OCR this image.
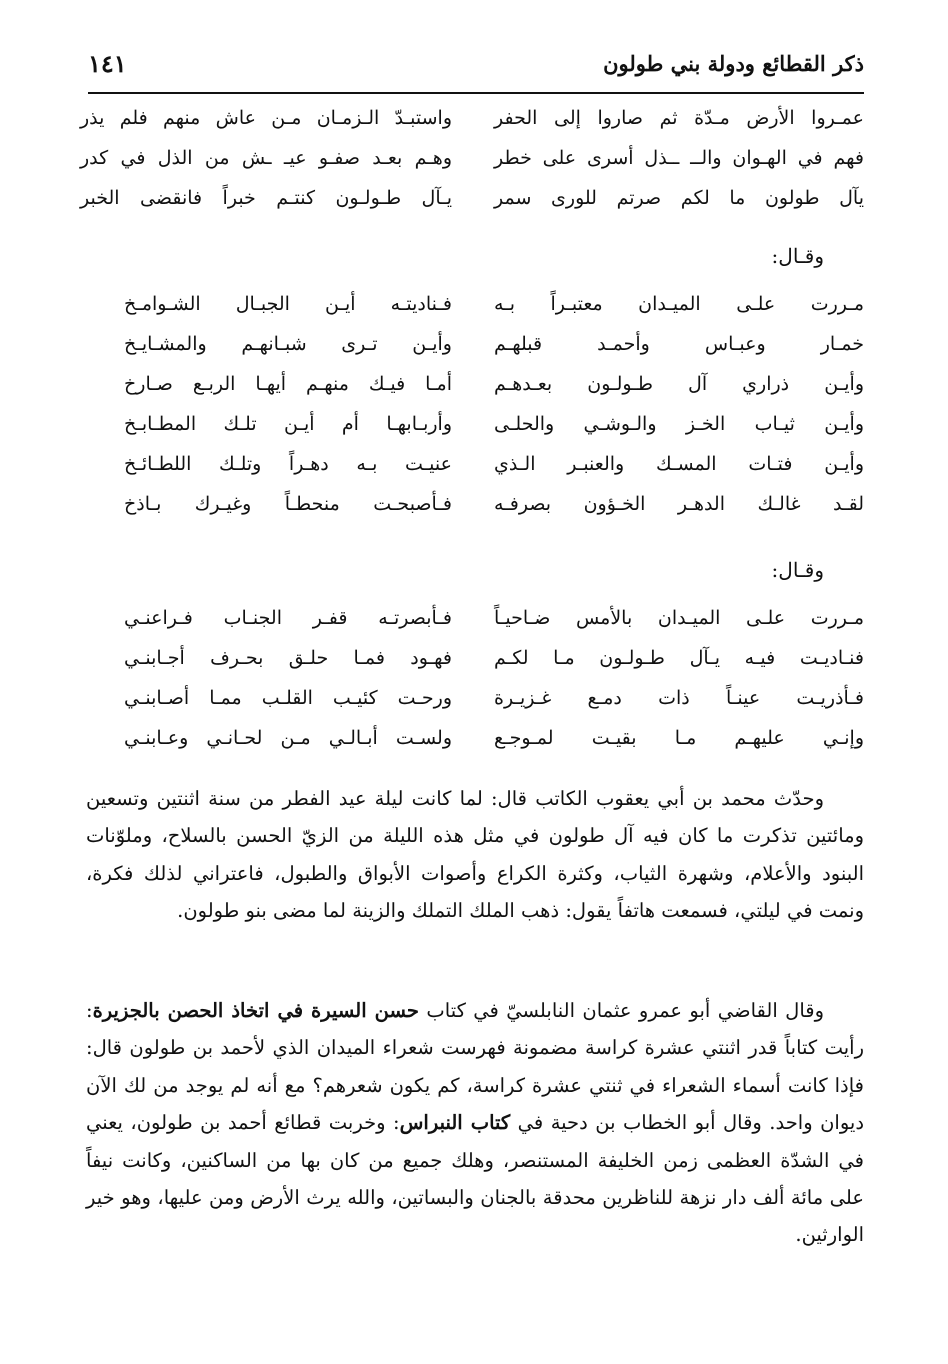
ذكر القطائع ودولة بني طولون
١٤١
عمـروا الأرض مـدّة ثم صاروا إلى الحفر
واستبـدّ الـزمـان مـن عاش منهم فلم يذر
فهم في الهـوان والــ ــذل أسرى على خطر
وهـم بعـد صفـو عيـ ـش من الذل في كدر
يآل طولون ما لكم صرتم للورى سمر
يـآل طـولـون كنتـم خبراً فانقضى الخبر
وقـال:
مـررت علـى الميـدان معتبـراً بـه
فـناديتـه أيـن الجبـال الشـوامـخ
خمـار وعبـاس وأحمـد قبلهـم
وأيـن تـرى شبـانهـم والمشـايـخ
وأيـن ذراري آل طـولـون بعـدهـم
أمـا فيـك منهـم أيهـا الربـع صـارخ
وأيـن ثيـاب الخـز والـوشـي والحلـى
وأربـابهـا أم أيـن تلـك المطـابـخ
وأيـن فتـات المسـك والعنبـر الـذي
عنيـت بـه دهـراً وتلـك اللطـائـخ
لقـد غالـك الدهـر الخـؤون بصرفـه
فـأصبحـت منحطـاً وغيـرك بـاذخ
وقـال:
مـررت علـى الميـدان بالأمس ضـاحيـاً
فـأبصرتـه قفـر الجنـاب فـراعنـي
فنـاديـت فيـه يـآل طـولـون مـا لكـم
فهـود فمـا حلـق بحـرف أجـابنـي
فـأذريـت عينـاً ذات دمـع غـزيـرة
ورحـت كئيـب القلـب ممـا أصـابنـي
وإنـي عليهـم مـا بقيـت لمـوجـع
ولسـت أبـالـي مـن لحـانـي وعـابنـي

وحدّث محمد بن أبي يعقوب الكاتب قال: لما كانت ليلة عيد الفطر من سنة اثنتين وتسعين ومائتين تذكرت ما كان فيه آل طولون في مثل هذه الليلة من الزيّ الحسن بالسلاح، وملوّنات البنود والأعلام، وشهرة الثياب، وكثرة الكراع وأصوات الأبواق والطبول، فاعتراني لذلك فكرة، ونمت في ليلتي، فسمعت هاتفاً يقول: ذهب الملك التملك والزينة لما مضى بنو طولون.

وقال القاضي أبو عمرو عثمان النابلسيّ في كتاب حسن السيرة في اتخاذ الحصن بالجزيرة: رأيت كتاباً قدر اثنتي عشرة كراسة مضمونة فهرست شعراء الميدان الذي لأحمد بن طولون قال: فإذا كانت أسماء الشعراء في ثنتي عشرة كراسة، كم يكون شعرهم؟ مع أنه لم يوجد من لك الآن ديوان واحد. وقال أبو الخطاب بن دحية في كتاب النبراس: وخربت قطائع أحمد بن طولون، يعني في الشدّة العظمى زمن الخليفة المستنصر، وهلك جميع من كان بها من الساكنين، وكانت نيفاً على مائة ألف دار نزهة للناظرين محدقة بالجنان والبساتين، والله يرث الأرض ومن عليها، وهو خير الوارثين.
